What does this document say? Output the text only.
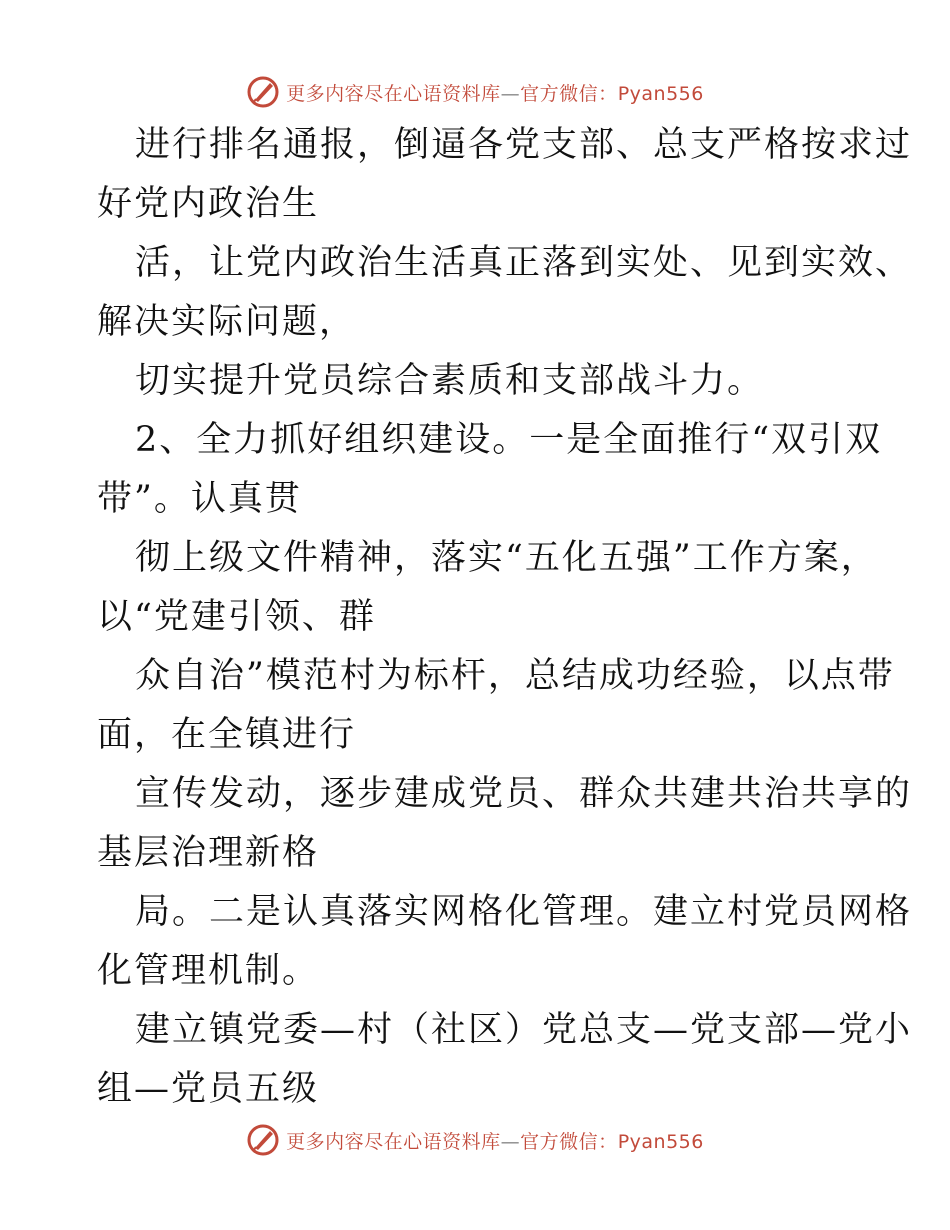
更多内容尽在心语资料库—官方微信：Pyan556
进行排名通报，倒逼各党支部、总支严格按求过
好党内政治生
活，让党内政治生活真正落到实处、见到实效、
解决实际问题，
切实提升党员综合素质和支部战斗力。
2、全力抓好组织建设。一是全面推行“双引双
带”。认真贯
彻上级文件精神，落实“五化五强”工作方案，
以“党建引领、群
众自治”模范村为标杆，总结成功经验，以点带
面，在全镇进行
宣传发动，逐步建成党员、群众共建共治共享的
基层治理新格
局。二是认真落实网格化管理。建立村党员网格
化管理机制。
建立镇党委—村（社区）党总支—党支部—党小
组—党员五级
更多内容尽在心语资料库—官方微信：Pyan556
